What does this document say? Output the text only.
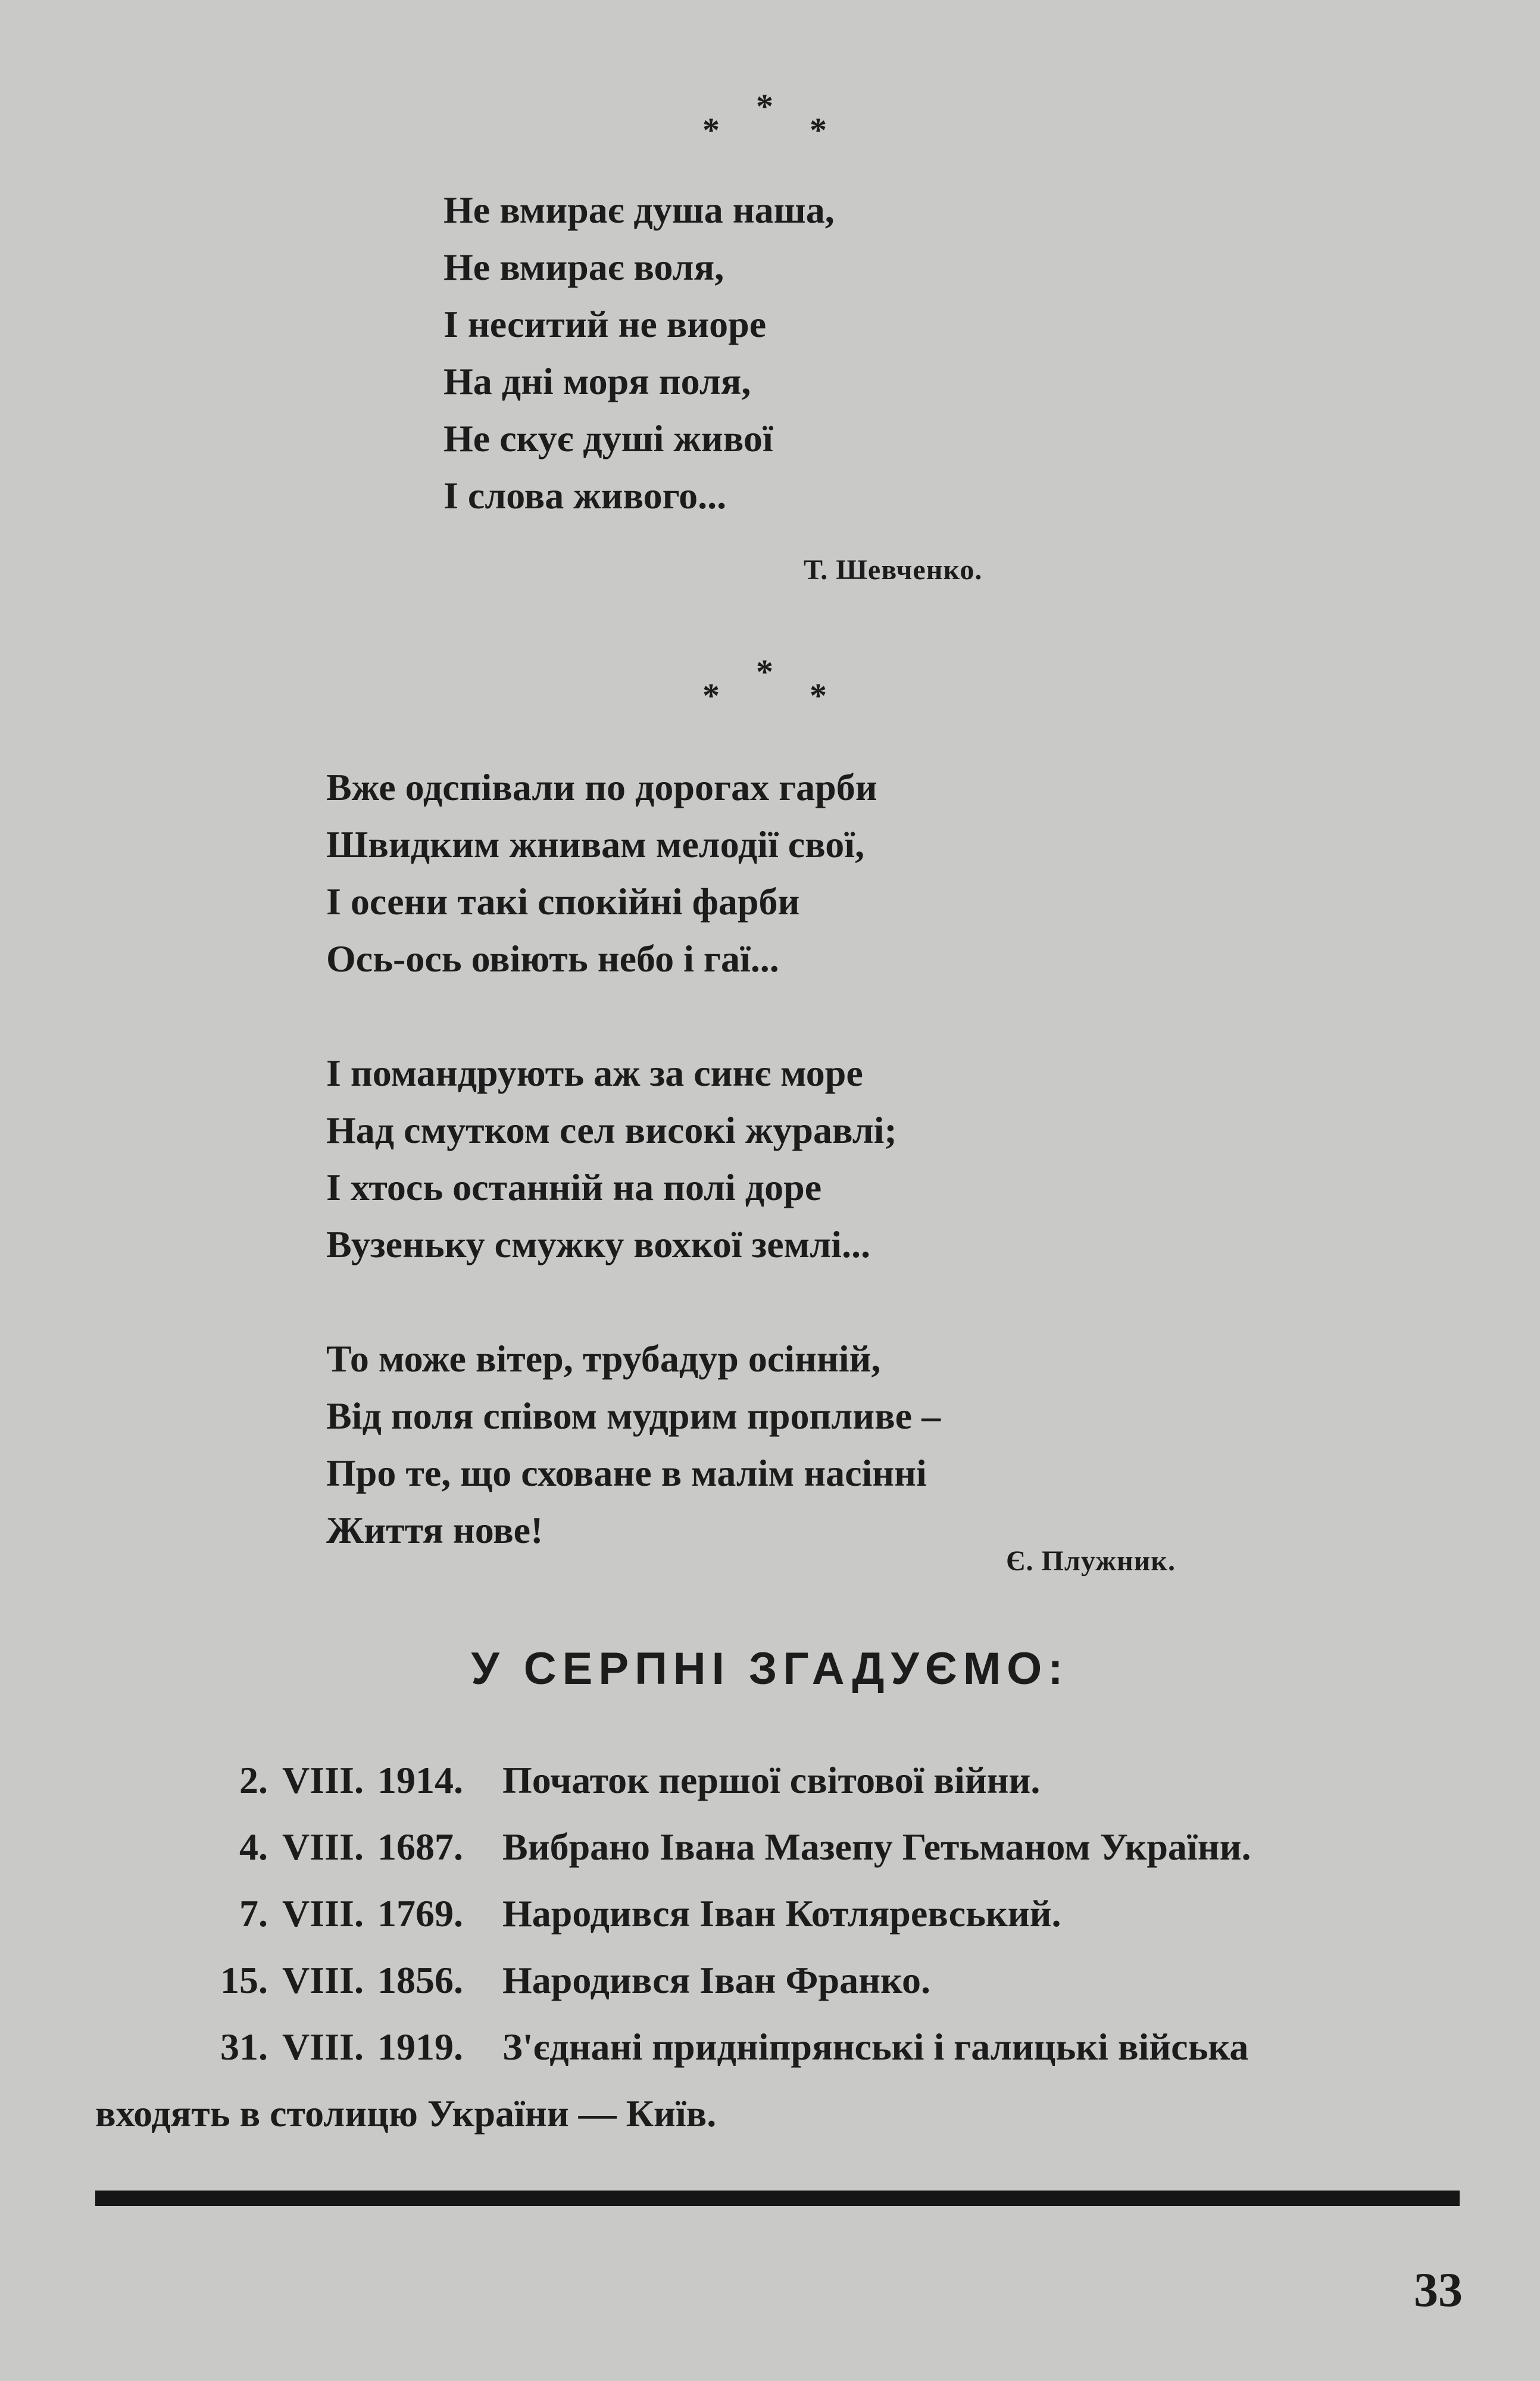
*
*
*
Не вмирає душа наша,
Не вмирає воля,
І неситий не виоре
На дні моря поля,
Не скує душі живої
І слова живого...
Т. Шевченко.
*
*
*
Вже одспівали по дорогах гарби
Швидким жнивам мелодії свої,
І осени такі спокійні фарби
Ось-ось овіють небо і гаї...
І помандрують аж за синє море
Над смутком сел високі журавлі;
І хтось останній на полі доре
Вузеньку смужку вохкої землі...
То може вітер, трубадур осінній,
Від поля співом мудрим пропливе –
Про те, що сховане в малім насінні
Життя нове!
Є. Плужник.
У СЕРПНІ ЗГАДУЄМО:
2. VIII. 1914. Початок першої світової війни.
4. VIII. 1687. Вибрано Івана Мазепу Гетьманом України.
7. VIII. 1769. Народився Іван Котляревський.
15. VIII. 1856. Народився Іван Франко.
31. VIII. 1919. З'єднані придніпрянські і галицькі війська
входять в столицю України — Київ.
33
